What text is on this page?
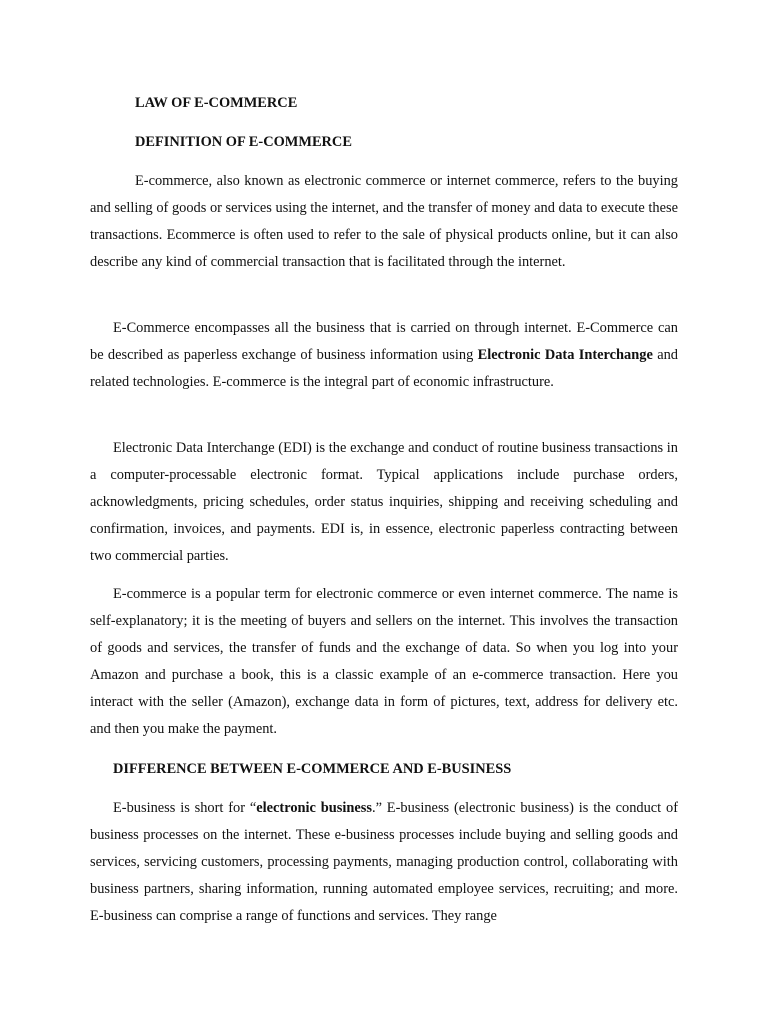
LAW OF E-COMMERCE
DEFINITION OF E-COMMERCE

E-commerce, also known as electronic commerce or internet commerce, refers to the buying and selling of goods or services using the internet, and the transfer of money and data to execute these transactions. Ecommerce is often used to refer to the sale of physical products online, but it can also describe any kind of commercial transaction that is facilitated through the internet.

E-Commerce encompasses all the business that is carried on through internet. E-Commerce can be described as paperless exchange of business information using Electronic Data Interchange and related technologies. E-commerce is the integral part of economic infrastructure.

Electronic Data Interchange (EDI) is the exchange and conduct of routine business transactions in a computer-processable electronic format. Typical applications include purchase orders, acknowledgments, pricing schedules, order status inquiries, shipping and receiving scheduling and confirmation, invoices, and payments. EDI is, in essence, electronic paperless contracting between two commercial parties.

E-commerce is a popular term for electronic commerce or even internet commerce. The name is self-explanatory; it is the meeting of buyers and sellers on the internet. This involves the transaction of goods and services, the transfer of funds and the exchange of data. So when you log into your Amazon and purchase a book, this is a classic example of an e-commerce transaction. Here you interact with the seller (Amazon), exchange data in form of pictures, text, address for delivery etc. and then you make the payment.

DIFFERENCE BETWEEN E-COMMERCE AND E-BUSINESS

E-business is short for “electronic business.” E-business (electronic business) is the conduct of business processes on the internet. These e-business processes include buying and selling goods and services, servicing customers, processing payments, managing production control, collaborating with business partners, sharing information, running automated employee services, recruiting; and more. E-business can comprise a range of functions and services. They range
